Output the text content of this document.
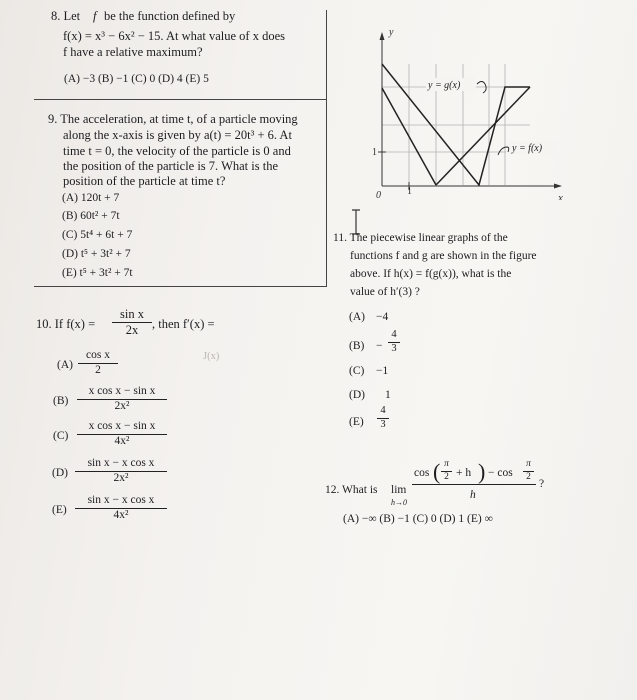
8. Let f be the function defined by
f(x) = x³ − 6x² − 15. At what value of x does
f have a relative maximum?
(A) −3 (B) −1 (C) 0 (D) 4 (E) 5
9. The acceleration, at time t, of a particle moving
along the x-axis is given by a(t) = 20t³ + 6. At
time t = 0, the velocity of the particle is 0 and
the position of the particle is 7. What is the
position of the particle at time t?
(A) 120t + 7
(B) 60t² + 7t
(C) 5t⁴ + 6t + 7
(D) t⁵ + 3t² + 7
(E) t⁵ + 3t² + 7t
10. If f(x) =
sin x
2x	, then f′(x) =
J(x)
(A)
cos x
2
(B)
x cos x − sin x
2x²
(C)
x cos x − sin x
4x²
(D)
sin x − x cos x
2x²
(E)
sin x − x cos x
4x²
y
x
0	1
1
y = g(x)
y = f(x)
11. The piecewise linear graphs of the
functions f and g are shown in the figure
above. If h(x) = f(g(x)), what is the
value of h′(3) ?
(A) −4
(B) −
4
3
(C) −1
(D) 1
(E)
4
3
12. What is lim
h→0
cos ( π
2 + h ) − cos
π
2
h
?
(A) −∞ (B) −1 (C) 0 (D) 1 (E) ∞
